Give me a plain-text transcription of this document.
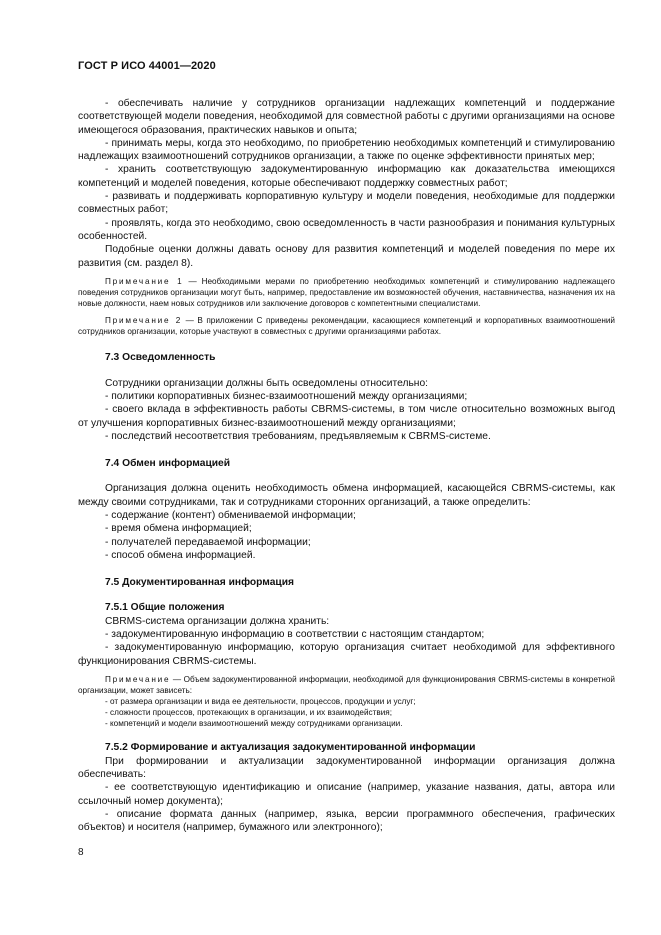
ГОСТ Р ИСО 44001—2020

- обеспечивать наличие у сотрудников организации надлежащих компетенций и поддержание соответствующей модели поведения, необходимой для совместной работы с другими организациями на основе имеющегося образования, практических навыков и опыта;

- принимать меры, когда это необходимо, по приобретению необходимых компетенций и стимулированию надлежащих взаимоотношений сотрудников организации, а также по оценке эффективности принятых мер;

- хранить соответствующую задокументированную информацию как доказательства имеющихся компетенций и моделей поведения, которые обеспечивают поддержку совместных работ;

- развивать и поддерживать корпоративную культуру и модели поведения, необходимые для поддержки совместных работ;

- проявлять, когда это необходимо, свою осведомленность в части разнообразия и понимания культурных особенностей.

Подобные оценки должны давать основу для развития компетенций и моделей поведения по мере их развития (см. раздел 8).

Примечание 1 — Необходимыми мерами по приобретению необходимых компетенций и стимулированию надлежащего поведения сотрудников организации могут быть, например, предоставление им возможностей обучения, наставничества, назначения их на новые должности, наем новых сотрудников или заключение договоров с компетентными специалистами.

Примечание 2 — В приложении С приведены рекомендации, касающиеся компетенций и корпоративных взаимоотношений сотрудников организации, которые участвуют в совместных с другими организациями работах.

7.3 Осведомленность

Сотрудники организации должны быть осведомлены относительно:

- политики корпоративных бизнес-взаимоотношений между организациями;

- своего вклада в эффективность работы CBRMS-системы, в том числе относительно возможных выгод от улучшения корпоративных бизнес-взаимоотношений между организациями;

- последствий несоответствия требованиям, предъявляемым к CBRMS-системе.

7.4 Обмен информацией

Организация должна оценить необходимость обмена информацией, касающейся CBRMS-системы, как между своими сотрудниками, так и сотрудниками сторонних организаций, а также определить:

- содержание (контент) обмениваемой информации;

- время обмена информацией;

- получателей передаваемой информации;

- способ обмена информацией.

7.5 Документированная информация

7.5.1 Общие положения

CBRMS-система организации должна хранить:

- задокументированную информацию в соответствии с настоящим стандартом;

- задокументированную информацию, которую организация считает необходимой для эффективного функционирования CBRMS-системы.

Примечание — Объем задокументированной информации, необходимой для функционирования CBRMS-системы в конкретной организации, может зависеть:

- от размера организации и вида ее деятельности, процессов, продукции и услуг;

- сложности процессов, протекающих в организации, и их взаимодействия;

- компетенций и модели взаимоотношений между сотрудниками организации.

7.5.2 Формирование и актуализация задокументированной информации

При формировании и актуализации задокументированной информации организация должна обеспечивать:

- ее соответствующую идентификацию и описание (например, указание названия, даты, автора или ссылочный номер документа);

- описание формата данных (например, языка, версии программного обеспечения, графических объектов) и носителя (например, бумажного или электронного);

8
